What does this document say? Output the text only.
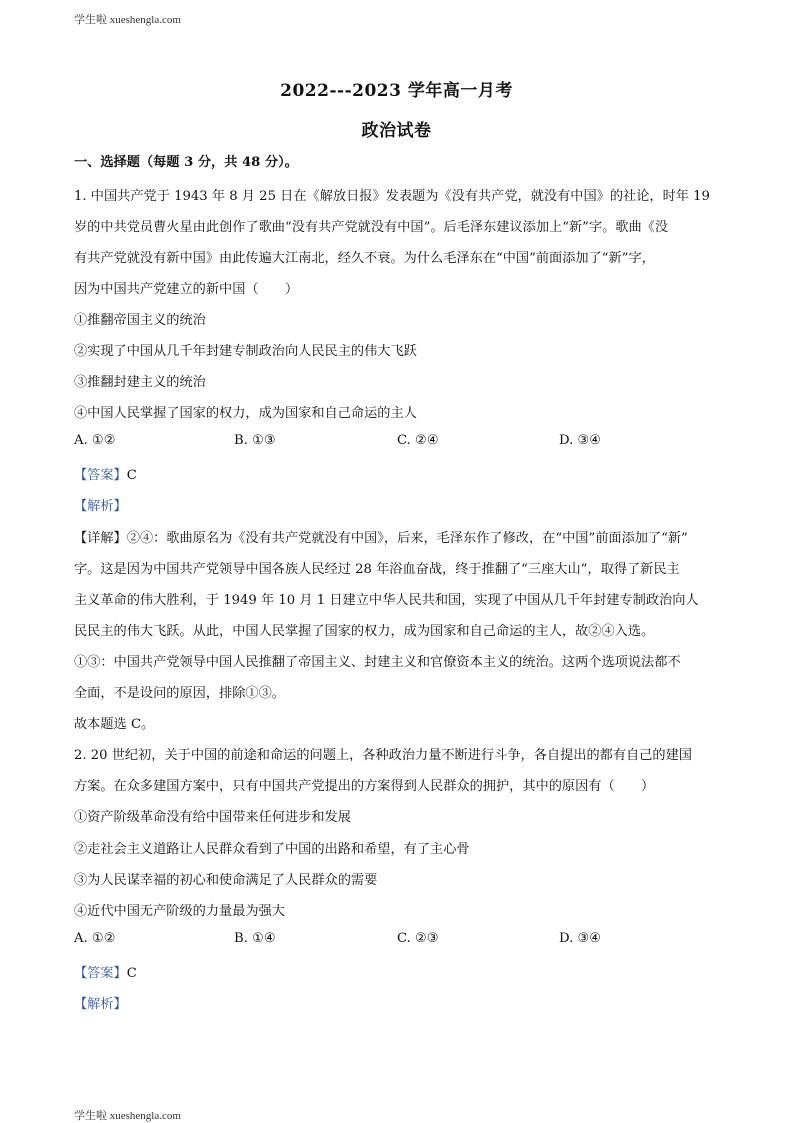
学生啦 xueshengla.com
2022---2023 学年高一月考
政治试卷
一、选择题（每题 3 分，共 48 分）。
1. 中国共产党于 1943 年 8 月 25 日在《解放日报》发表题为《没有共产党，就没有中国》的社论，时年 19
岁的中共党员曹火星由此创作了歌曲“没有共产党就没有中国”。后毛泽东建议添加上“新”字。歌曲《没
有共产党就没有新中国》由此传遍大江南北，经久不衰。为什么毛泽东在“中国”前面添加了“新”字，
因为中国共产党建立的新中国（　　）
①推翻帝国主义的统治
②实现了中国从几千年封建专制政治向人民民主的伟大飞跃
③推翻封建主义的统治
④中国人民掌握了国家的权力，成为国家和自己命运的主人
A. ①②	B. ①③	C. ②④	D. ③④
【答案】C
【解析】
【详解】②④：歌曲原名为《没有共产党就没有中国》，后来，毛泽东作了修改，在“中国”前面添加了“新”
字。这是因为中国共产党领导中国各族人民经过 28 年浴血奋战，终于推翻了“三座大山”，取得了新民主
主义革命的伟大胜利，于 1949 年 10 月 1 日建立中华人民共和国，实现了中国从几千年封建专制政治向人
民民主的伟大飞跃。从此，中国人民掌握了国家的权力，成为国家和自己命运的主人，故②④入选。
①③：中国共产党领导中国人民推翻了帝国主义、封建主义和官僚资本主义的统治。这两个选项说法都不
全面，不是设问的原因，排除①③。
故本题选 C。
2. 20 世纪初，关于中国的前途和命运的问题上，各种政治力量不断进行斗争，各自提出的都有自己的建国
方案。在众多建国方案中，只有中国共产党提出的方案得到人民群众的拥护，其中的原因有（　　）
①资产阶级革命没有给中国带来任何进步和发展
②走社会主义道路让人民群众看到了中国的出路和希望，有了主心骨
③为人民谋幸福的初心和使命满足了人民群众的需要
④近代中国无产阶级的力量最为强大
A. ①②	B. ①④	C. ②③	D. ③④
【答案】C
【解析】
学生啦 xueshengla.com
